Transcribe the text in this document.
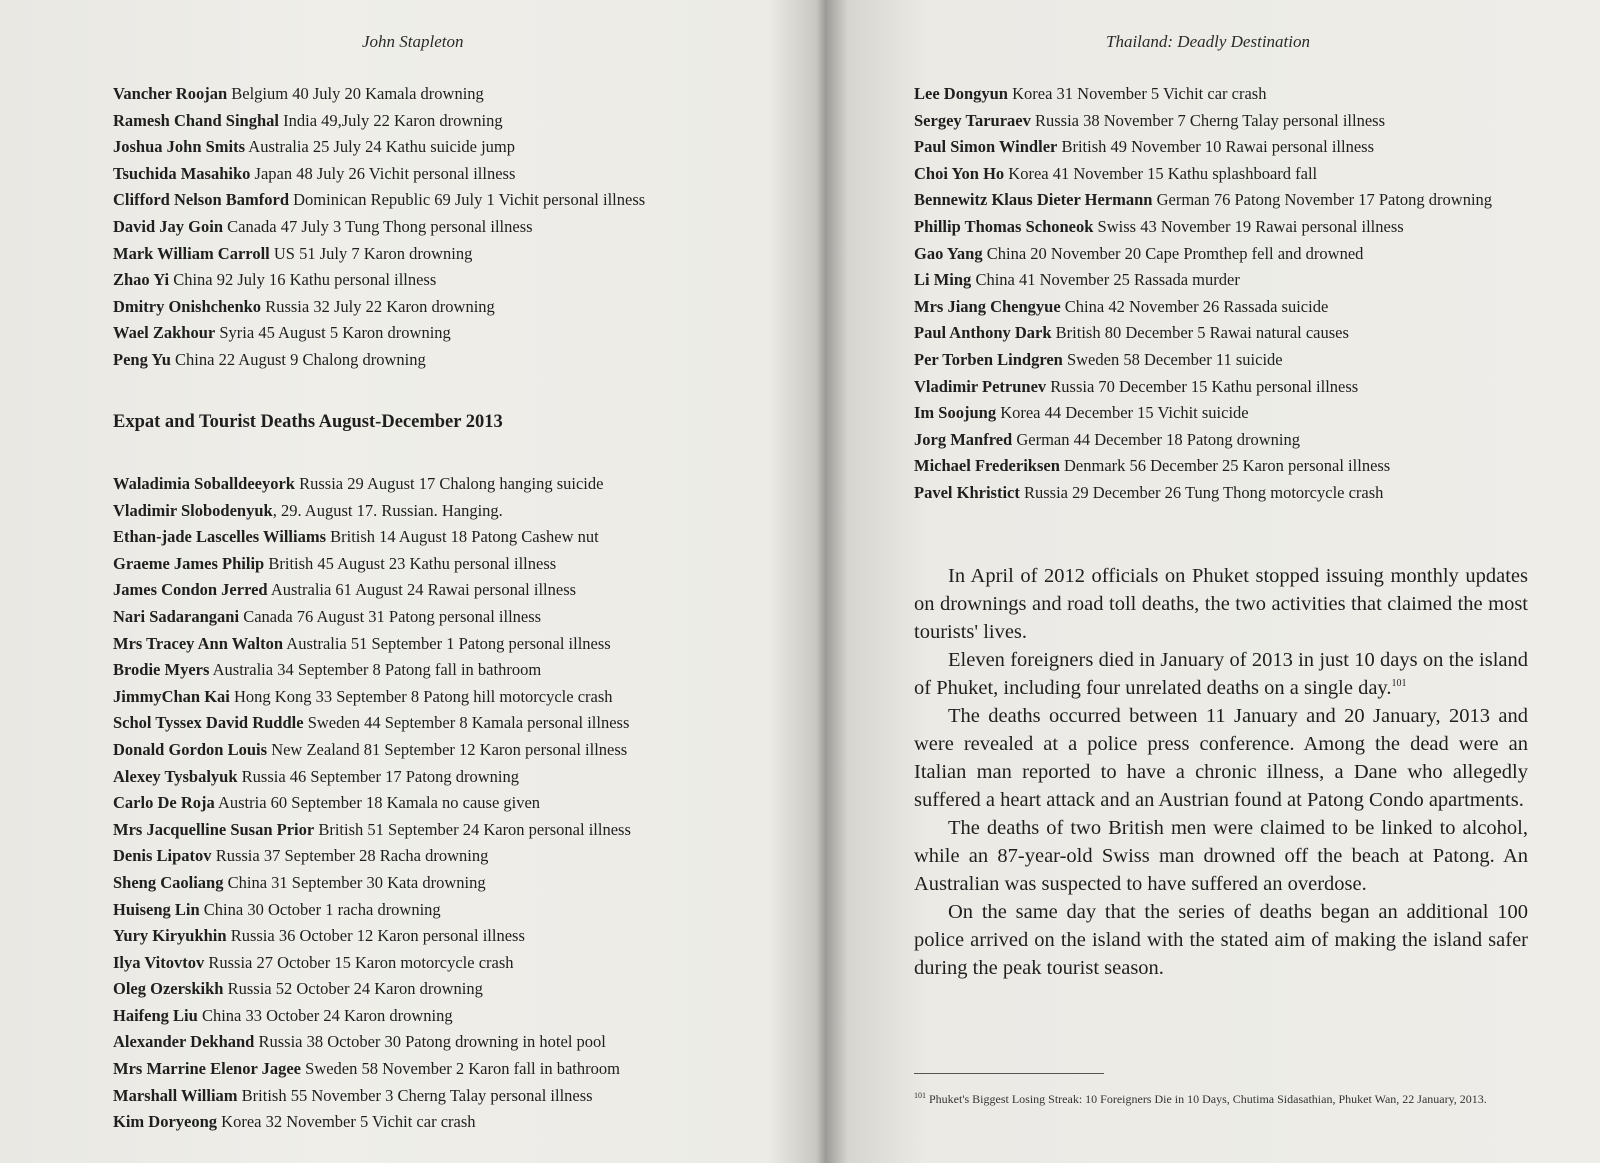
John Stapleton
Vancher Roojan Belgium 40 July 20 Kamala drowning
Ramesh Chand Singhal India 49,July 22 Karon drowning
Joshua John Smits Australia 25 July 24 Kathu suicide jump
Tsuchida Masahiko Japan 48 July 26 Vichit personal illness
Clifford Nelson Bamford Dominican Republic 69 July 1 Vichit personal illness
David Jay Goin Canada 47 July 3 Tung Thong personal illness
Mark William Carroll US 51 July 7 Karon drowning
Zhao Yi China 92 July 16 Kathu personal illness
Dmitry Onishchenko Russia 32 July 22 Karon drowning
Wael Zakhour Syria 45 August 5 Karon drowning
Peng Yu China 22 August 9 Chalong drowning
Expat and Tourist Deaths August-December 2013
Waladimia Soballdeeyork Russia 29 August 17 Chalong hanging suicide
Vladimir Slobodenyuk, 29. August 17. Russian. Hanging.
Ethan-jade Lascelles Williams British 14 August 18 Patong Cashew nut
Graeme James Philip British 45 August 23 Kathu personal illness
James Condon Jerred Australia 61 August 24 Rawai personal illness
Nari Sadarangani Canada 76 August 31 Patong personal illness
Mrs Tracey Ann Walton Australia 51 September 1 Patong personal illness
Brodie Myers Australia 34 September 8 Patong fall in bathroom
JimmyChan Kai Hong Kong 33 September 8 Patong hill motorcycle crash
Schol Tyssex David Ruddle Sweden 44 September 8 Kamala personal illness
Donald Gordon Louis New Zealand 81 September 12 Karon personal illness
Alexey Tysbalyuk Russia 46 September 17 Patong drowning
Carlo De Roja Austria 60 September 18 Kamala no cause given
Mrs Jacquelline Susan Prior British 51 September 24 Karon personal illness
Denis Lipatov Russia 37 September 28 Racha drowning
Sheng Caoliang China 31 September 30 Kata drowning
Huiseng Lin China 30 October 1 racha drowning
Yury Kiryukhin Russia 36 October 12 Karon personal illness
Ilya Vitovtov Russia 27 October 15 Karon motorcycle crash
Oleg Ozerskikh Russia 52 October 24 Karon drowning
Haifeng Liu China 33 October 24 Karon drowning
Alexander Dekhand Russia 38 October 30 Patong drowning in hotel pool
Mrs Marrine Elenor Jagee Sweden 58 November 2 Karon fall in bathroom
Marshall William British 55 November 3 Cherng Talay personal illness
Kim Doryeong Korea 32 November 5 Vichit car crash
Thailand: Deadly Destination
Lee Dongyun Korea 31 November 5 Vichit car crash
Sergey Taruraev Russia 38 November 7 Cherng Talay personal illness
Paul Simon Windler British 49 November 10 Rawai personal illness
Choi Yon Ho Korea 41 November 15 Kathu splashboard fall
Bennewitz Klaus Dieter Hermann German 76 Patong November 17 Patong drowning
Phillip Thomas Schoneok Swiss 43 November 19 Rawai personal illness
Gao Yang China 20 November 20 Cape Promthep fell and drowned
Li Ming China 41 November 25 Rassada murder
Mrs Jiang Chengyue China 42 November 26 Rassada suicide
Paul Anthony Dark British 80 December 5 Rawai natural causes
Per Torben Lindgren Sweden 58 December 11 suicide
Vladimir Petrunev Russia 70 December 15 Kathu personal illness
Im Soojung Korea 44 December 15 Vichit suicide
Jorg Manfred German 44 December 18 Patong drowning
Michael Frederiksen Denmark 56 December 25 Karon personal illness
Pavel Khristict Russia 29 December 26 Tung Thong motorcycle crash

In April of 2012 officials on Phuket stopped issuing monthly updates on drownings and road toll deaths, the two activities that claimed the most tourists' lives.

Eleven foreigners died in January of 2013 in just 10 days on the island of Phuket, including four unrelated deaths on a single day.$^{101}$

The deaths occurred between 11 January and 20 January, 2013 and were revealed at a police press conference. Among the dead were an Italian man reported to have a chronic illness, a Dane who allegedly suffered a heart attack and an Austrian found at Patong Condo apartments.

The deaths of two British men were claimed to be linked to alcohol, while an 87-year-old Swiss man drowned off the beach at Patong. An Australian was suspected to have suffered an overdose.

On the same day that the series of deaths began an additional 100 police arrived on the island with the stated aim of making the island safer during the peak tourist season.

$^{101}$ Phuket's Biggest Losing Streak: 10 Foreigners Die in 10 Days, Chutima Sidasathian, Phuket Wan, 22 January, 2013.
